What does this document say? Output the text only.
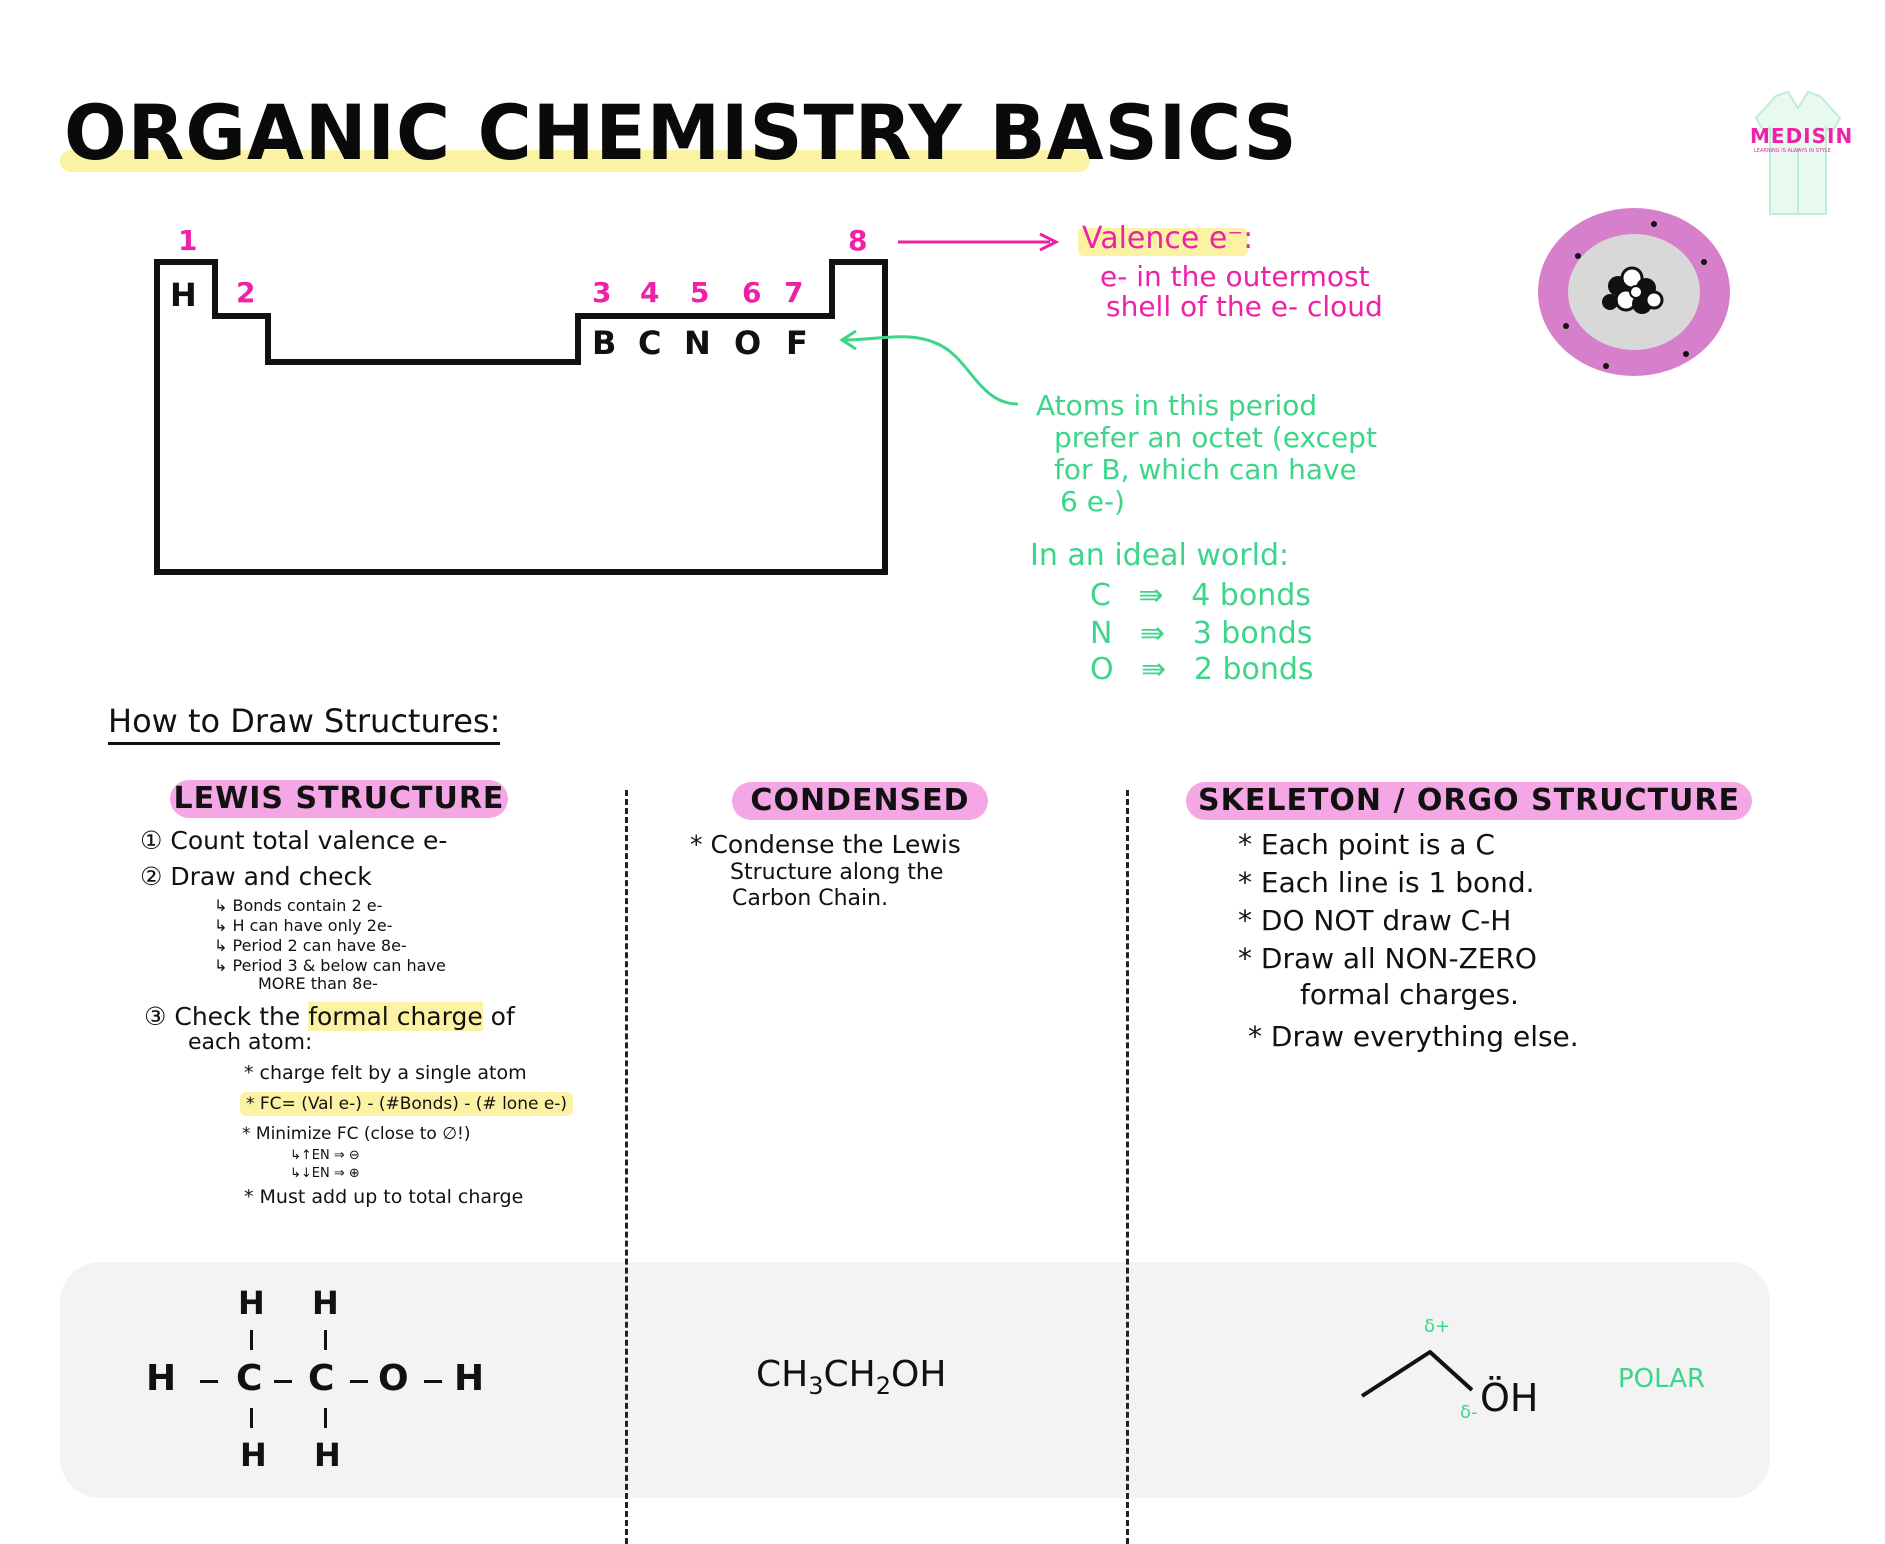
ORGANIC CHEMISTRY BASICS	MEDISIN
LEARNING IS ALWAYS IN STYLE
1
2	3 4 5 6 7
8
H
B C N O F
Valence e⁻:
e- in the outermost
shell of the e- cloud
Atoms in this period
prefer an octet (except
for B, which can have
6 e-)
In an ideal world:
C ⇛ 4 bonds
N ⇛ 3 bonds
O ⇛ 2 bonds
How to Draw Structures:
LEWIS STRUCTURE
① Count total valence e-
② Draw and check
↳ Bonds contain 2 e-
↳ H can have only 2e-
↳ Period 2 can have 8e-
↳ Period 3 & below can have
MORE than 8e-
③ Check the formal charge of
each atom:
* charge felt by a single atom
* FC= (Val e-) - (#Bonds) - (# lone e-)
* Minimize FC (close to ∅!)
↳↑EN ⇒ ⊖
↳↓EN ⇒ ⊕
* Must add up to total charge
CONDENSED
* Condense the Lewis
Structure along the
Carbon Chain.
SKELETON / ORGO STRUCTURE
* Each point is a C
* Each line is 1 bond.
* DO NOT draw C-H
* Draw all NON-ZERO
formal charges.
* Draw everything else.
H H
H C C O H
H H
$CH_3CH_2OH$
δ+
δ- ÖH	POLAR
